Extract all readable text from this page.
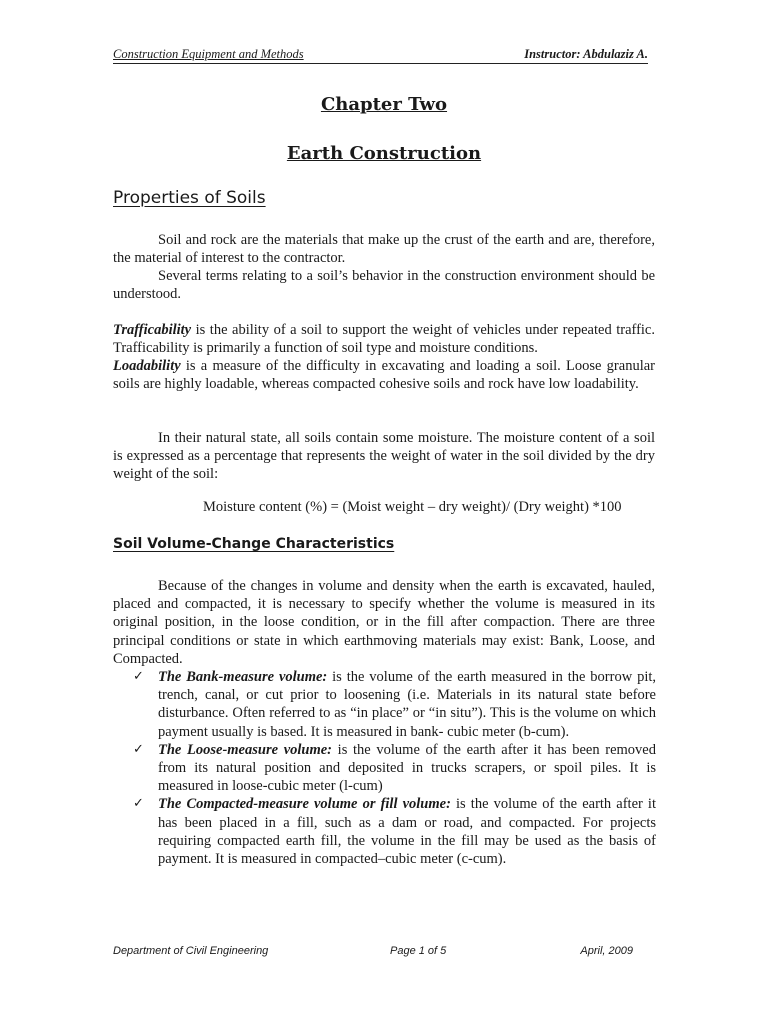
Construction Equipment and Methods	Instructor: Abdulaziz A.
Chapter Two
Earth Construction
Properties of Soils

Soil and rock are the materials that make up the crust of the earth and are, therefore, the material of interest to the contractor.

Several terms relating to a soil’s behavior in the construction environment should be understood.

Trafficability is the ability of a soil to support the weight of vehicles under repeated traffic. Trafficability is primarily a function of soil type and moisture conditions.

Loadability is a measure of the difficulty in excavating and loading a soil. Loose granular soils are highly loadable, whereas compacted cohesive soils and rock have low loadability.

In their natural state, all soils contain some moisture. The moisture content of a soil is expressed as a percentage that represents the weight of water in the soil divided by the dry weight of the soil:

Moisture content (%) = (Moist weight – dry weight)/ (Dry weight) *100
Soil Volume-Change Characteristics

Because of the changes in volume and density when the earth is excavated, hauled, placed and compacted, it is necessary to specify whether the volume is measured in its original position, in the loose condition, or in the fill after compaction. There are three principal conditions or state in which earthmoving materials may exist: Bank, Loose, and Compacted.

✓ The Bank-measure volume: is the volume of the earth measured in the borrow pit, trench, canal, or cut prior to loosening (i.e. Materials in its natural state before disturbance. Often referred to as “in place” or “in situ”). This is the volume on which payment usually is based. It is measured in bank- cubic meter (b-cum).
✓ The Loose-measure volume: is the volume of the earth after it has been removed from its natural position and deposited in trucks scrapers, or spoil piles. It is measured in loose-cubic meter (l-cum)
✓ The Compacted-measure volume or fill volume: is the volume of the earth after it has been placed in a fill, such as a dam or road, and compacted. For projects requiring compacted earth fill, the volume in the fill may be used as the basis of payment. It is measured in compacted–cubic meter (c-cum).
Department of Civil Engineering	Page 1 of 5	April, 2009
